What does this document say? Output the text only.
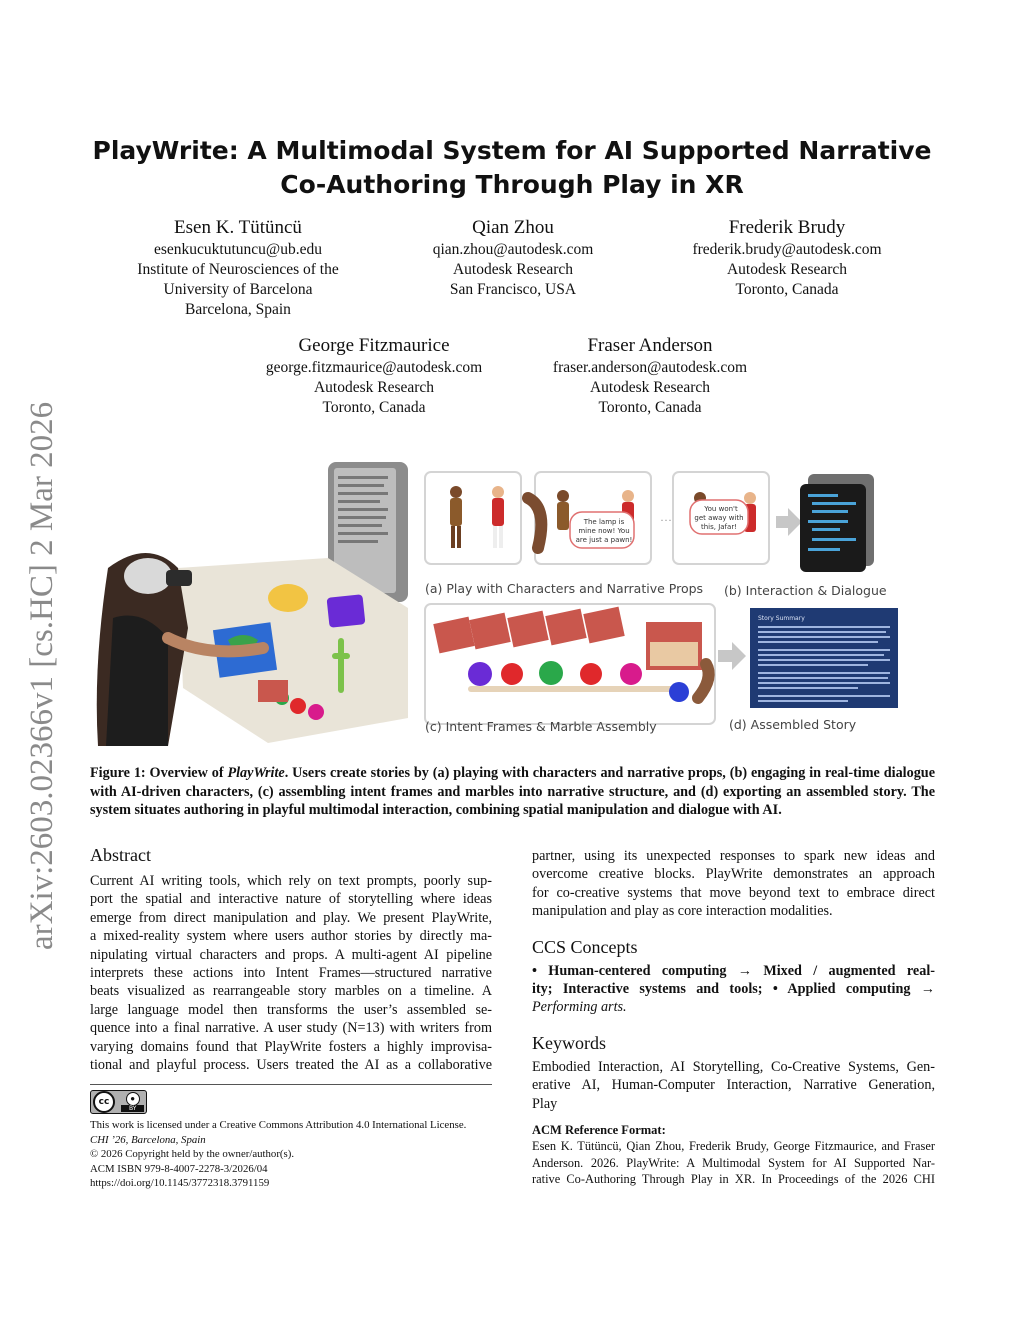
arXiv:2603.02366v1 [cs.HC] 2 Mar 2026
PlayWrite: A Multimodal System for AI Supported Narrative
Co-Authoring Through Play in XR
Esen K. Tütüncü
esenkucuktutuncu@ub.edu
Institute of Neurosciences of the
University of Barcelona
Barcelona, Spain
Qian Zhou
qian.zhou@autodesk.com
Autodesk Research
San Francisco, USA
Frederik Brudy
frederik.brudy@autodesk.com
Autodesk Research
Toronto, Canada
George Fitzmaurice
george.fitzmaurice@autodesk.com
Autodesk Research
Toronto, Canada
Fraser Anderson
fraser.anderson@autodesk.com
Autodesk Research
Toronto, Canada
The lamp is
mine now! You
are just a pawn!
You won't
get away with
this, Jafar!
···
(a) Play with Characters and Narrative Props (b) Interaction & Dialogue
(c) Intent Frames & Marble Assembly
Story Summary
(d) Assembled Story
Figure 1: Overview of PlayWrite. Users create stories by (a) playing with characters and narrative props, (b) engaging in real-time dialogue with AI-driven characters, (c) assembling intent frames and marbles into narrative structure, and (d) exporting an assembled story. The system situates authoring in playful multimodal interaction, combining spatial manipulation and dialogue with AI.
Abstract
Current AI writing tools, which rely on text prompts, poorly sup-
port the spatial and interactive nature of storytelling where ideas
emerge from direct manipulation and play. We present PlayWrite,
a mixed-reality system where users author stories by directly ma-
nipulating virtual characters and props. A multi-agent AI pipeline
interprets these actions into Intent Frames—structured narrative
beats visualized as rearrangeable story marbles on a timeline. A
large language model then transforms the user’s assembled se-
quence into a final narrative. A user study (N=13) with writers from
varying domains found that PlayWrite fosters a highly improvisa-
tional and playful process. Users treated the AI as a collaborative
cc	●
BY
This work is licensed under a Creative Commons Attribution 4.0 International License.
CHI ’26, Barcelona, Spain
© 2026 Copyright held by the owner/author(s).
ACM ISBN 979-8-4007-2278-3/2026/04
https://doi.org/10.1145/3772318.3791159
partner, using its unexpected responses to spark new ideas and
overcome creative blocks. PlayWrite demonstrates an approach
for co-creative systems that move beyond text to embrace direct
manipulation and play as core interaction modalities.
CCS Concepts
• Human-centered computing → Mixed / augmented real-
ity; Interactive systems and tools; • Applied computing →
Performing arts.
Keywords
Embodied Interaction, AI Storytelling, Co-Creative Systems, Gen-
erative AI, Human-Computer Interaction, Narrative Generation,
Play
ACM Reference Format:
Esen K. Tütüncü, Qian Zhou, Frederik Brudy, George Fitzmaurice, and Fraser
Anderson. 2026. PlayWrite: A Multimodal System for AI Supported Nar-
rative Co-Authoring Through Play in XR. In Proceedings of the 2026 CHI
